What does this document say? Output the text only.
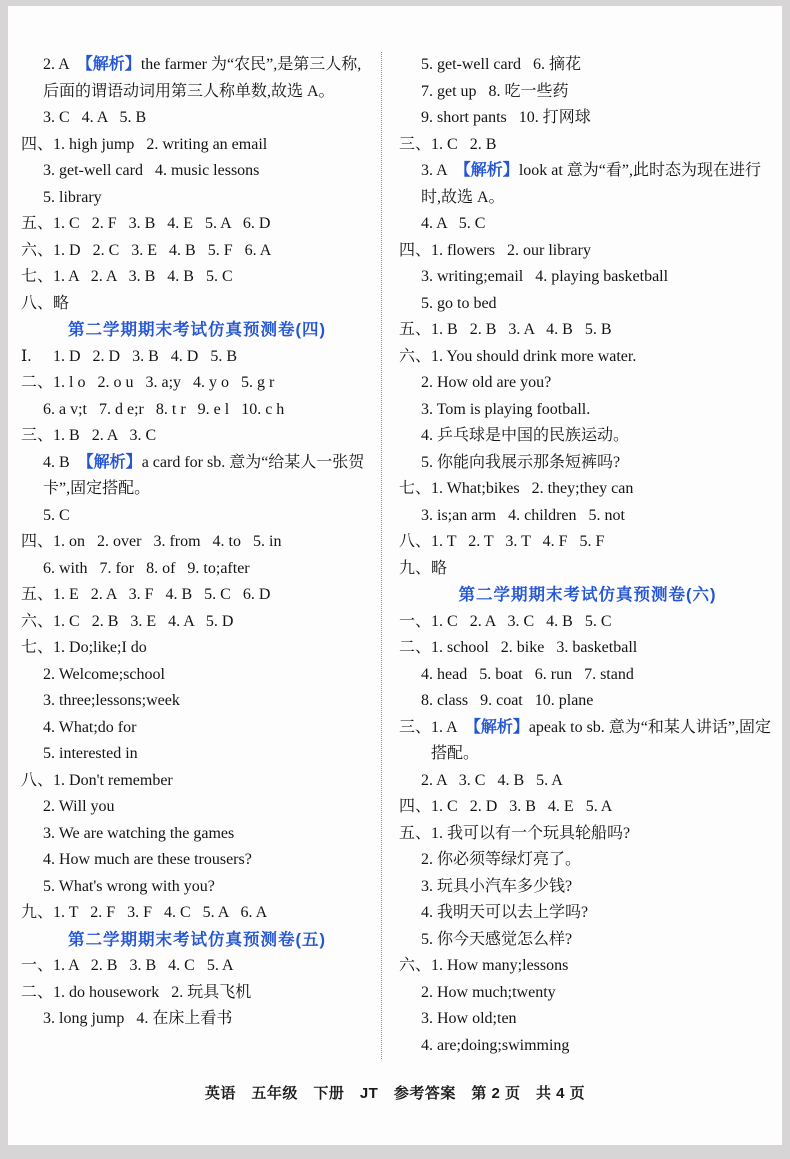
2. A  【解析】the farmer 为“农民”,是第三人称,后面的谓语动词用第三人称单数,故选 A。
3. C   4. A   5. B
四、 1. high jump   2. writing an email
3. get-well card   4. music lessons
5. library
五、 1. C   2. F   3. B   4. E   5. A   6. D
六、 1. D   2. C   3. E   4. B   5. F   6. A
七、 1. A   2. A   3. B   4. B   5. C
八、 略
第二学期期末考试仿真预测卷(四)
Ⅰ.	1. D   2. D   3. B   4. D   5. B
二、 1. l o   2. o u   3. a;y   4. y o   5. g r
6. a v;t   7. d e;r   8. t r   9. e l   10. c h
三、 1. B   2. A   3. C
4. B  【解析】a card for sb. 意为“给某人一张贺卡”,固定搭配。
5. C
四、 1. on   2. over   3. from   4. to   5. in
6. with   7. for   8. of   9. to;after
五、 1. E   2. A   3. F   4. B   5. C   6. D
六、 1. C   2. B   3. E   4. A   5. D
七、 1. Do;like;I do
2. Welcome;school
3. three;lessons;week
4. What;do for
5. interested in
八、 1. Don't remember
2. Will you
3. We are watching the games
4. How much are these trousers?
5. What's wrong with you?
九、 1. T   2. F   3. F   4. C   5. A   6. A
第二学期期末考试仿真预测卷(五)
一、 1. A   2. B   3. B   4. C   5. A
二、 1. do housework   2. 玩具飞机
3. long jump   4. 在床上看书
5. get-well card   6. 摘花
7. get up   8. 吃一些药
9. short pants   10. 打网球
三、 1. C   2. B
3. A  【解析】look at 意为“看”,此时态为现在进行时,故选 A。
4. A   5. C
四、 1. flowers   2. our library
3. writing;email   4. playing basketball
5. go to bed
五、 1. B   2. B   3. A   4. B   5. B
六、 1. You should drink more water.
2. How old are you?
3. Tom is playing football.
4. 乒乓球是中国的民族运动。
5. 你能向我展示那条短裤吗?
七、 1. What;bikes   2. they;they can
3. is;an arm   4. children   5. not
八、 1. T   2. T   3. T   4. F   5. F
九、 略
第二学期期末考试仿真预测卷(六)
一、 1. C   2. A   3. C   4. B   5. C
二、 1. school   2. bike   3. basketball
4. head   5. boat   6. run   7. stand
8. class   9. coat   10. plane
三、 1. A  【解析】apeak to sb. 意为“和某人讲话”,固定搭配。
2. A   3. C   4. B   5. A
四、 1. C   2. D   3. B   4. E   5. A
五、 1. 我可以有一个玩具轮船吗?
2. 你必须等绿灯亮了。
3. 玩具小汽车多少钱?
4. 我明天可以去上学吗?
5. 你今天感觉怎么样?
六、 1. How many;lessons
2. How much;twenty
3. How old;ten
4. are;doing;swimming
英语　五年级　下册　JT　参考答案　第 2 页　共 4 页
